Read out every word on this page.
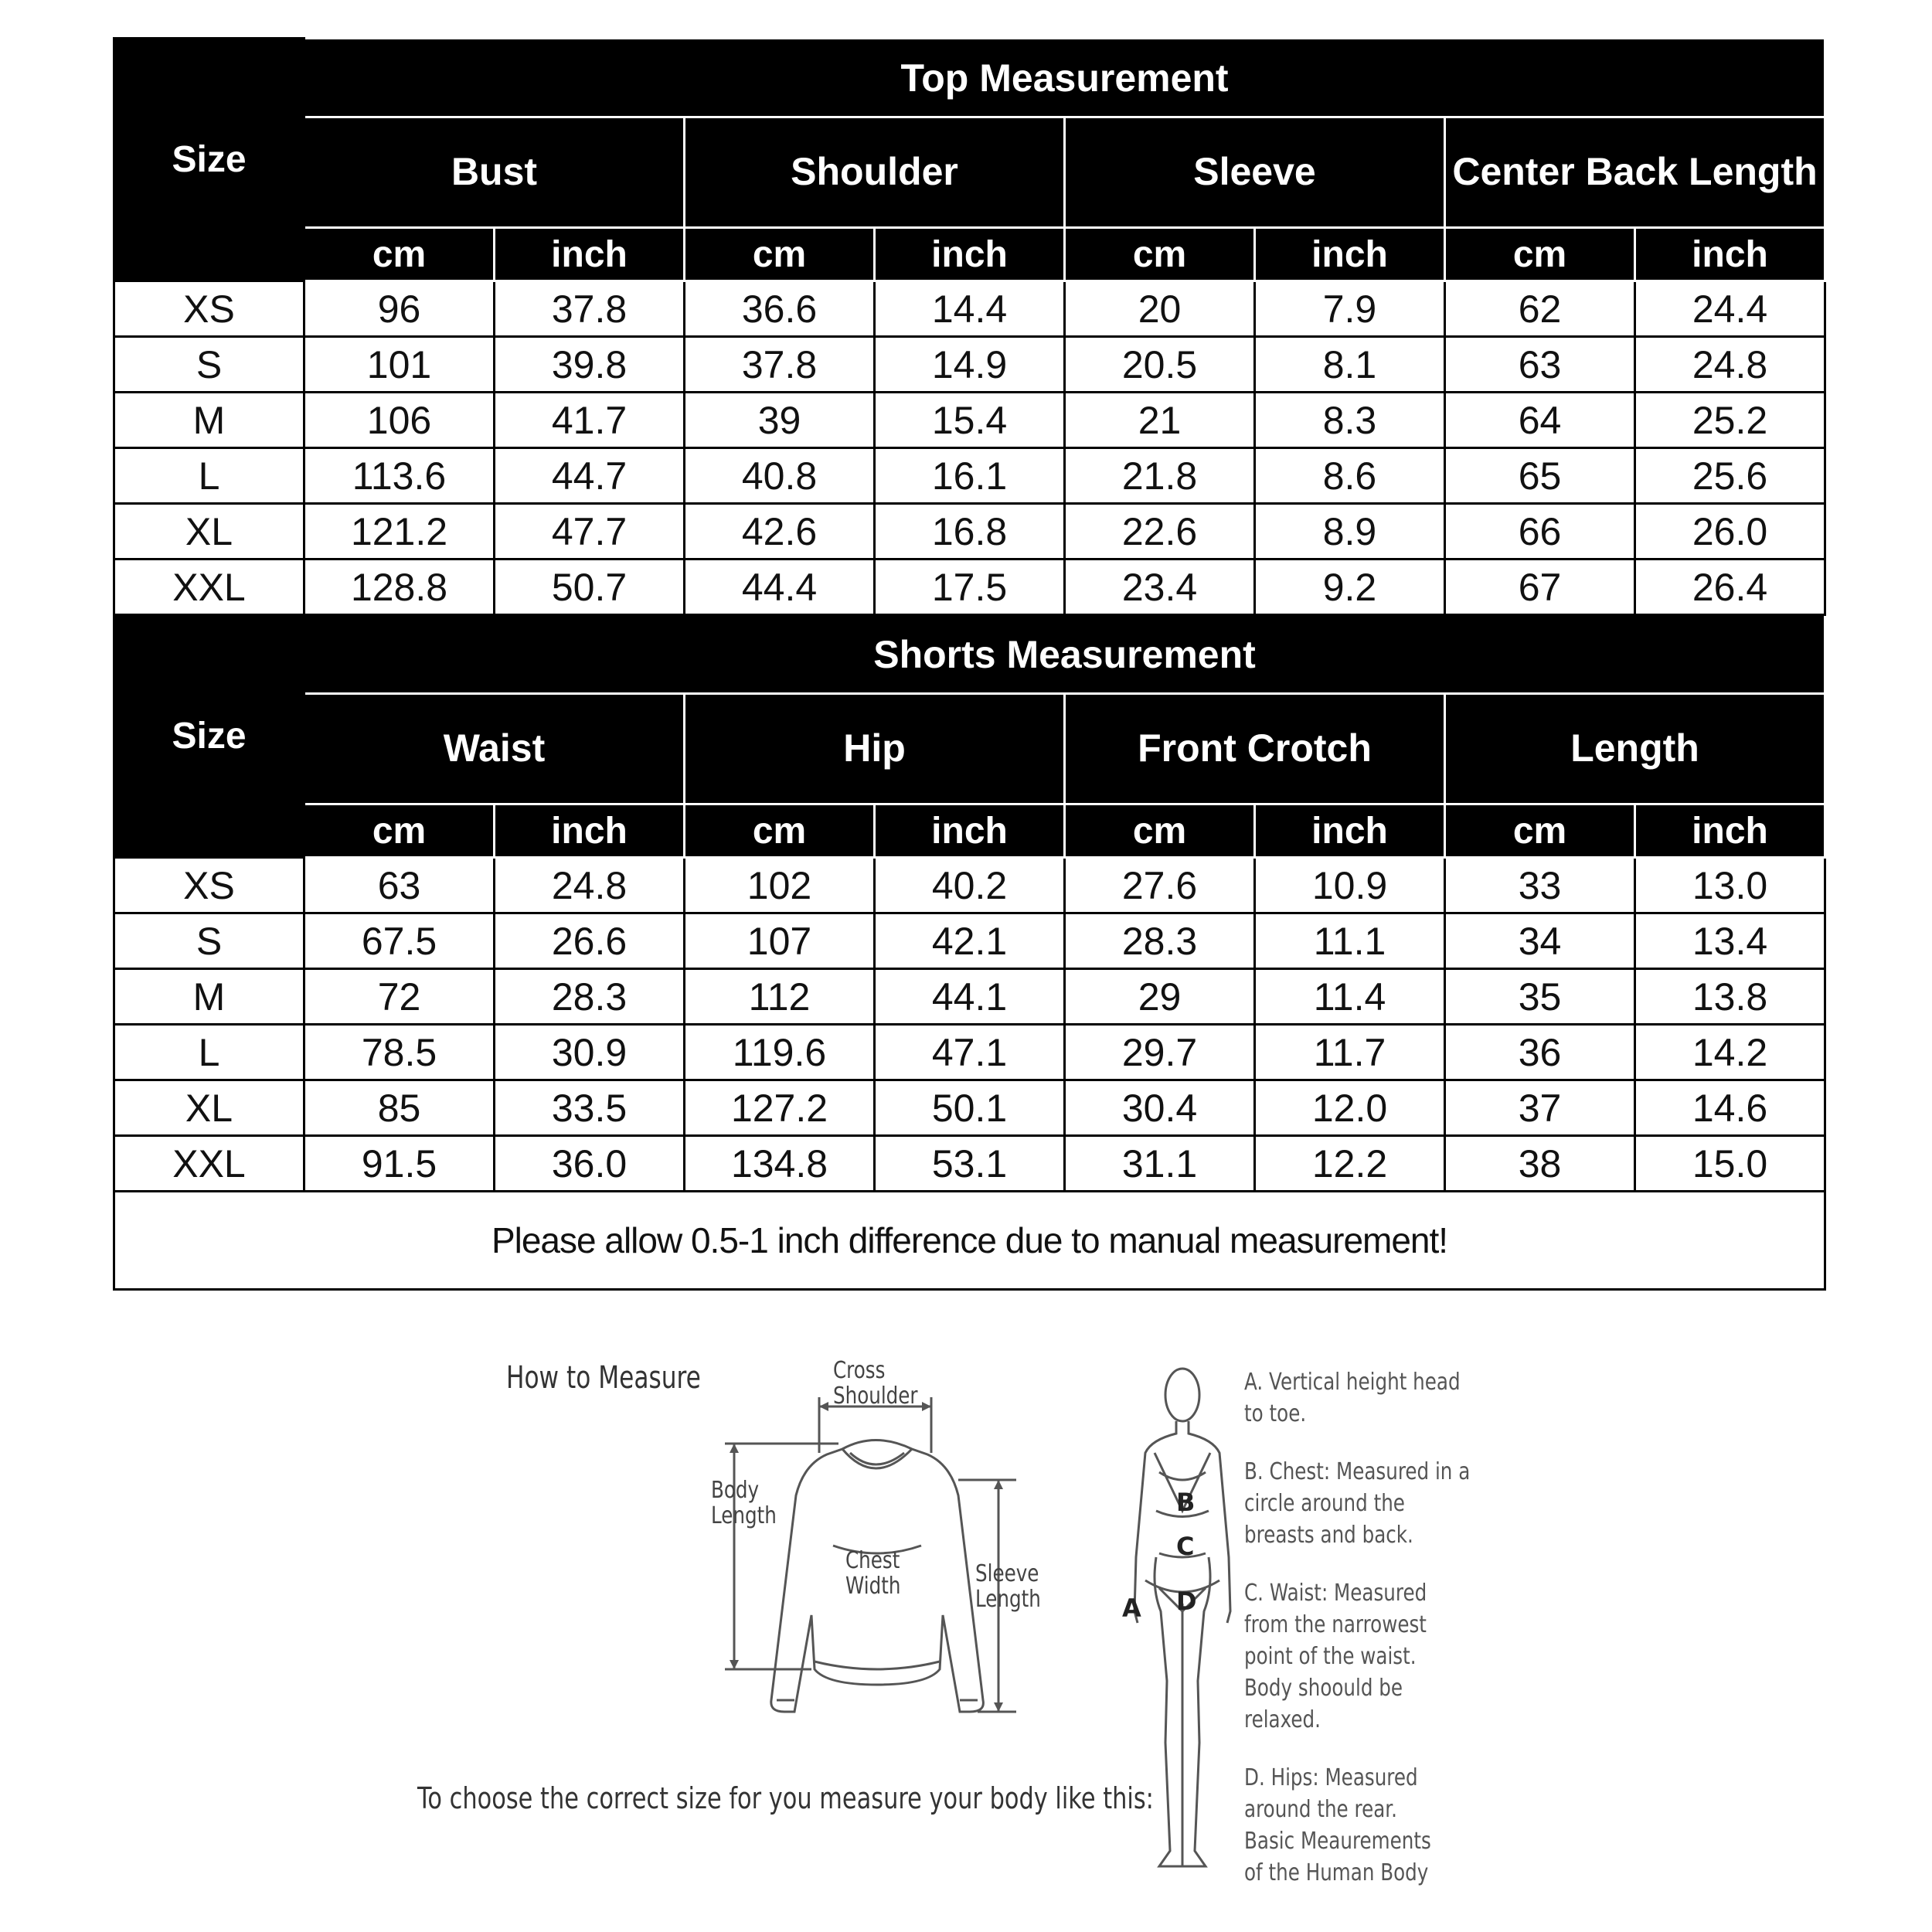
Size	Top Measurement							
	Bust		Shoulder		Sleeve		Center Back Length	
	cm	inch	cm	inch	cm	inch	cm	inch
XS	96	37.8	36.6	14.4	20	7.9	62	24.4
S	101	39.8	37.8	14.9	20.5	8.1	63	24.8
M	106	41.7	39	15.4	21	8.3	64	25.2
L	113.6	44.7	40.8	16.1	21.8	8.6	65	25.6
XL	121.2	47.7	42.6	16.8	22.6	8.9	66	26.0
XXL	128.8	50.7	44.4	17.5	23.4	9.2	67	26.4
Size	Shorts Measurement							
	Waist		Hip		Front Crotch		Length	
	cm	inch	cm	inch	cm	inch	cm	inch
XS	63	24.8	102	40.2	27.6	10.9	33	13.0
S	67.5	26.6	107	42.1	28.3	11.1	34	13.4
M	72	28.3	112	44.1	29	11.4	35	13.8
L	78.5	30.9	119.6	47.1	29.7	11.7	36	14.2
XL	85	33.5	127.2	50.1	30.4	12.0	37	14.6
XXL	91.5	36.0	134.8	53.1	31.1	12.2	38	15.0
Please allow 0.5-1 inch difference due to manual measurement!								
How to Measure	Cross
Shoulder
Body
Length
Chest
Width	Sleeve
Length
To choose the correct size for you measure your body like this:
B
C
A D
A. Vertical height head
to toe.
B. Chest: Measured in a
circle around the
breasts and back.
C. Waist: Measured
from the narrowest
point of the waist.
Body shoould be
relaxed.
D. Hips: Measured
around the rear.
Basic Meaurements
of the Human Body
